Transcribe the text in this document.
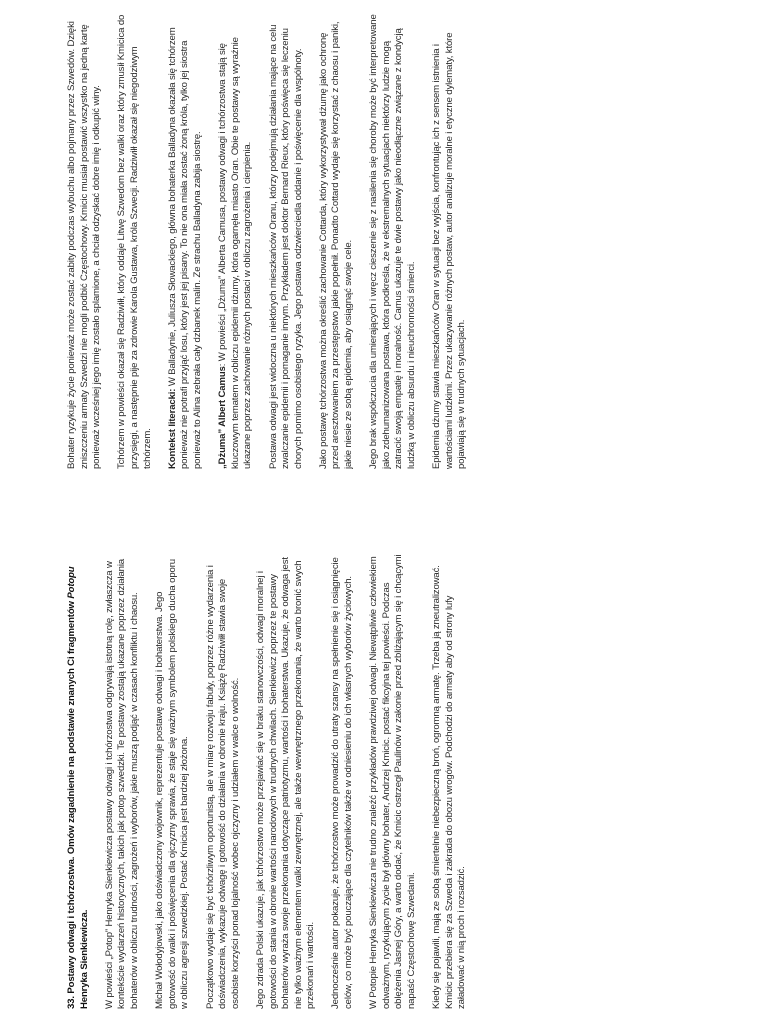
33. Postawy odwagi i tchórzostwa. Omów zagadnienie na podstawie znanych Ci fragmentów Potopu Henryka Sienkiewicza. W powieści „Potop” Henryka Sienkiewicza postawy odwagi i tchórzostwa odgrywają istotną rolę, zwłaszcza w kontekście wydarzeń historycznych, takich jak potop szwedzki. Te postawy zostają ukazane poprzez działania bohaterów w obliczu trudności, zagrożeń i wyborów, jakie muszą podjąć w czasach konfliktu i chaosu. Michał Wołodyjowski, jako doświadczony wojownik, reprezentuje postawę odwagi i bohaterstwa. Jego gotowość do walki i poświęcenia dla ojczyzny sprawia, że staje się ważnym symbolem polskiego ducha oporu w obliczu agresji szwedzkiej. Postać Kmicica jest bardziej złożona. Początkowo wydaje się być tchórzliwym oportunistą, ale w miarę rozwoju fabuły, poprzez różne wydarzenia i doświadczenia, wykazuje odwagę i gotowość do działania w obronie kraju. Książę Radziwiłł stawia swoje osobiste korzyści ponad lojalność wobec ojczyzny i udziałem w walce o wolność. Jego zdrada Polski ukazuje, jak tchórzostwo może przejawiać się w braku stanowczości, odwagi moralnej i gotowości do stania w obronie wartości narodowych w trudnych chwilach. Sienkiewicz poprzez te postawy bohaterów wyraża swoje przekonania dotyczące patriotyzmu, wartości i bohaterstwa. Ukazuje, że odwaga jest nie tylko ważnym elementem walki zewnętrznej, ale także wewnętrznego przekonania, że warto bronić swych przekonań i wartości. Jednocześnie autor pokazuje, że tchórzostwo może prowadzić do utraty szansy na spełnienie się i osiągnięcie celów, co może być pouczające dla czytelników także w odniesieniu do ich własnych wyborów życiowych. W Potopie Henryka Sienkiewicza nie trudno znaleźć przykładów prawdziwej odwagi. Niewątpliwie człowiekiem odważnym, ryzykującym życie był główny bohater, Andrzej Kmicic. postać fikcyjna tej powieści. Podczas oblężenia Jasnej Góry, a warto dodać, że Kmicic ostrzegł Paulinów w zakonie przed zbliżającym się i chcącymi napaść Częstochowę Szwedami. Kiedy się pojawili, mają ze sobą śmiertelnie niebezpieczną broń, ogromną armatę. Trzeba ją zneutralizować. Kmicic przebiera się za Szweda i zakrada do obozu wrogów. Podchodzi do armaty aby od strony lufy załadować w nią proch i rozsadzić.

Bohater ryzykuje życie ponieważ może zostać zabity podczas wybuchu albo pojmany przez Szwedów. Dzięki zniszczeniu armaty Szwedzi nie mogli podbić Częstochowy. Kmicic musiał postawić wszystko na jedną kartę ponieważ wcześniej jego imię zostało splamione, a chciał odzyskać dobre imię i odkupić winy. Tchórzem w powieści okazał się Radziwiłł, który oddaje Litwę Szwedom bez walki oraz który zmusił Kmicica do przysięgi, a następnie pije za zdrowie Karola Gustawa, króla Szwecji. Radziwiłł okazał się niegodziwym tchórzem. Kontekst literacki: W Balladynie, Juliusza Słowackiego, główna bohaterka Balladyna okazała się tchórzem ponieważ nie potrafi przyjąć losu, który jest jej pisany. To nie ona miała zostać żoną króla, tylko jej siostra ponieważ to Alina zebrała cały dzbanek malin. Ze strachu Balladyna zabija siostrę. „Dżuma” Albert Camus: W powieści „Dżuma” Alberta Camusa, postawy odwagi i tchórzostwa stają się kluczowym tematem w obliczu epidemii dżumy, która ogarnęła miasto Oran. Obie te postawy są wyraźnie ukazane poprzez zachowanie różnych postaci w obliczu zagrożenia i cierpienia. Postawa odwagi jest widoczna u niektórych mieszkańców Oranu, którzy podejmują działania mające na celu zwalczanie epidemii i pomaganie innym. Przykładem jest doktor Bernard Rieux, który poświęca się leczeniu chorych pomimo osobistego ryzyka. Jego postawa odzwierciedla oddanie i poświęcenie dla wspólnoty. Jako postawę tchórzostwa można określić zachowanie Cottarda, który wykorzystywał dżumę jako ochronę przed aresztowaniem za przestępstwo jakie popełnił. Ponadto Cottard wydaje się korzystać z chaosu i paniki, jakie niesie ze sobą epidemia, aby osiągnąć swoje cele. Jego brak współczucia dla umierających i wręcz cieszenie się z nasilenia się choroby może być interpretowane jako zdehumanizowana postawa, która podkreśla, że w ekstremalnych sytuacjach niektórzy ludzie mogą zatracić swoją empatię i moralność. Camus ukazuje te dwie postawy jako nieodłączne związane z kondycją ludzką w obliczu absurdu i nieuchronności śmierci. Epidemia dżumy stawia mieszkańców Oran w sytuacji bez wyjścia, konfrontując ich z sensem istnienia i wartościami ludzkimi. Przez ukazywanie różnych postaw, autor analizuje moralne i etyczne dylematy, które pojawiają się w trudnych sytuacjach.
